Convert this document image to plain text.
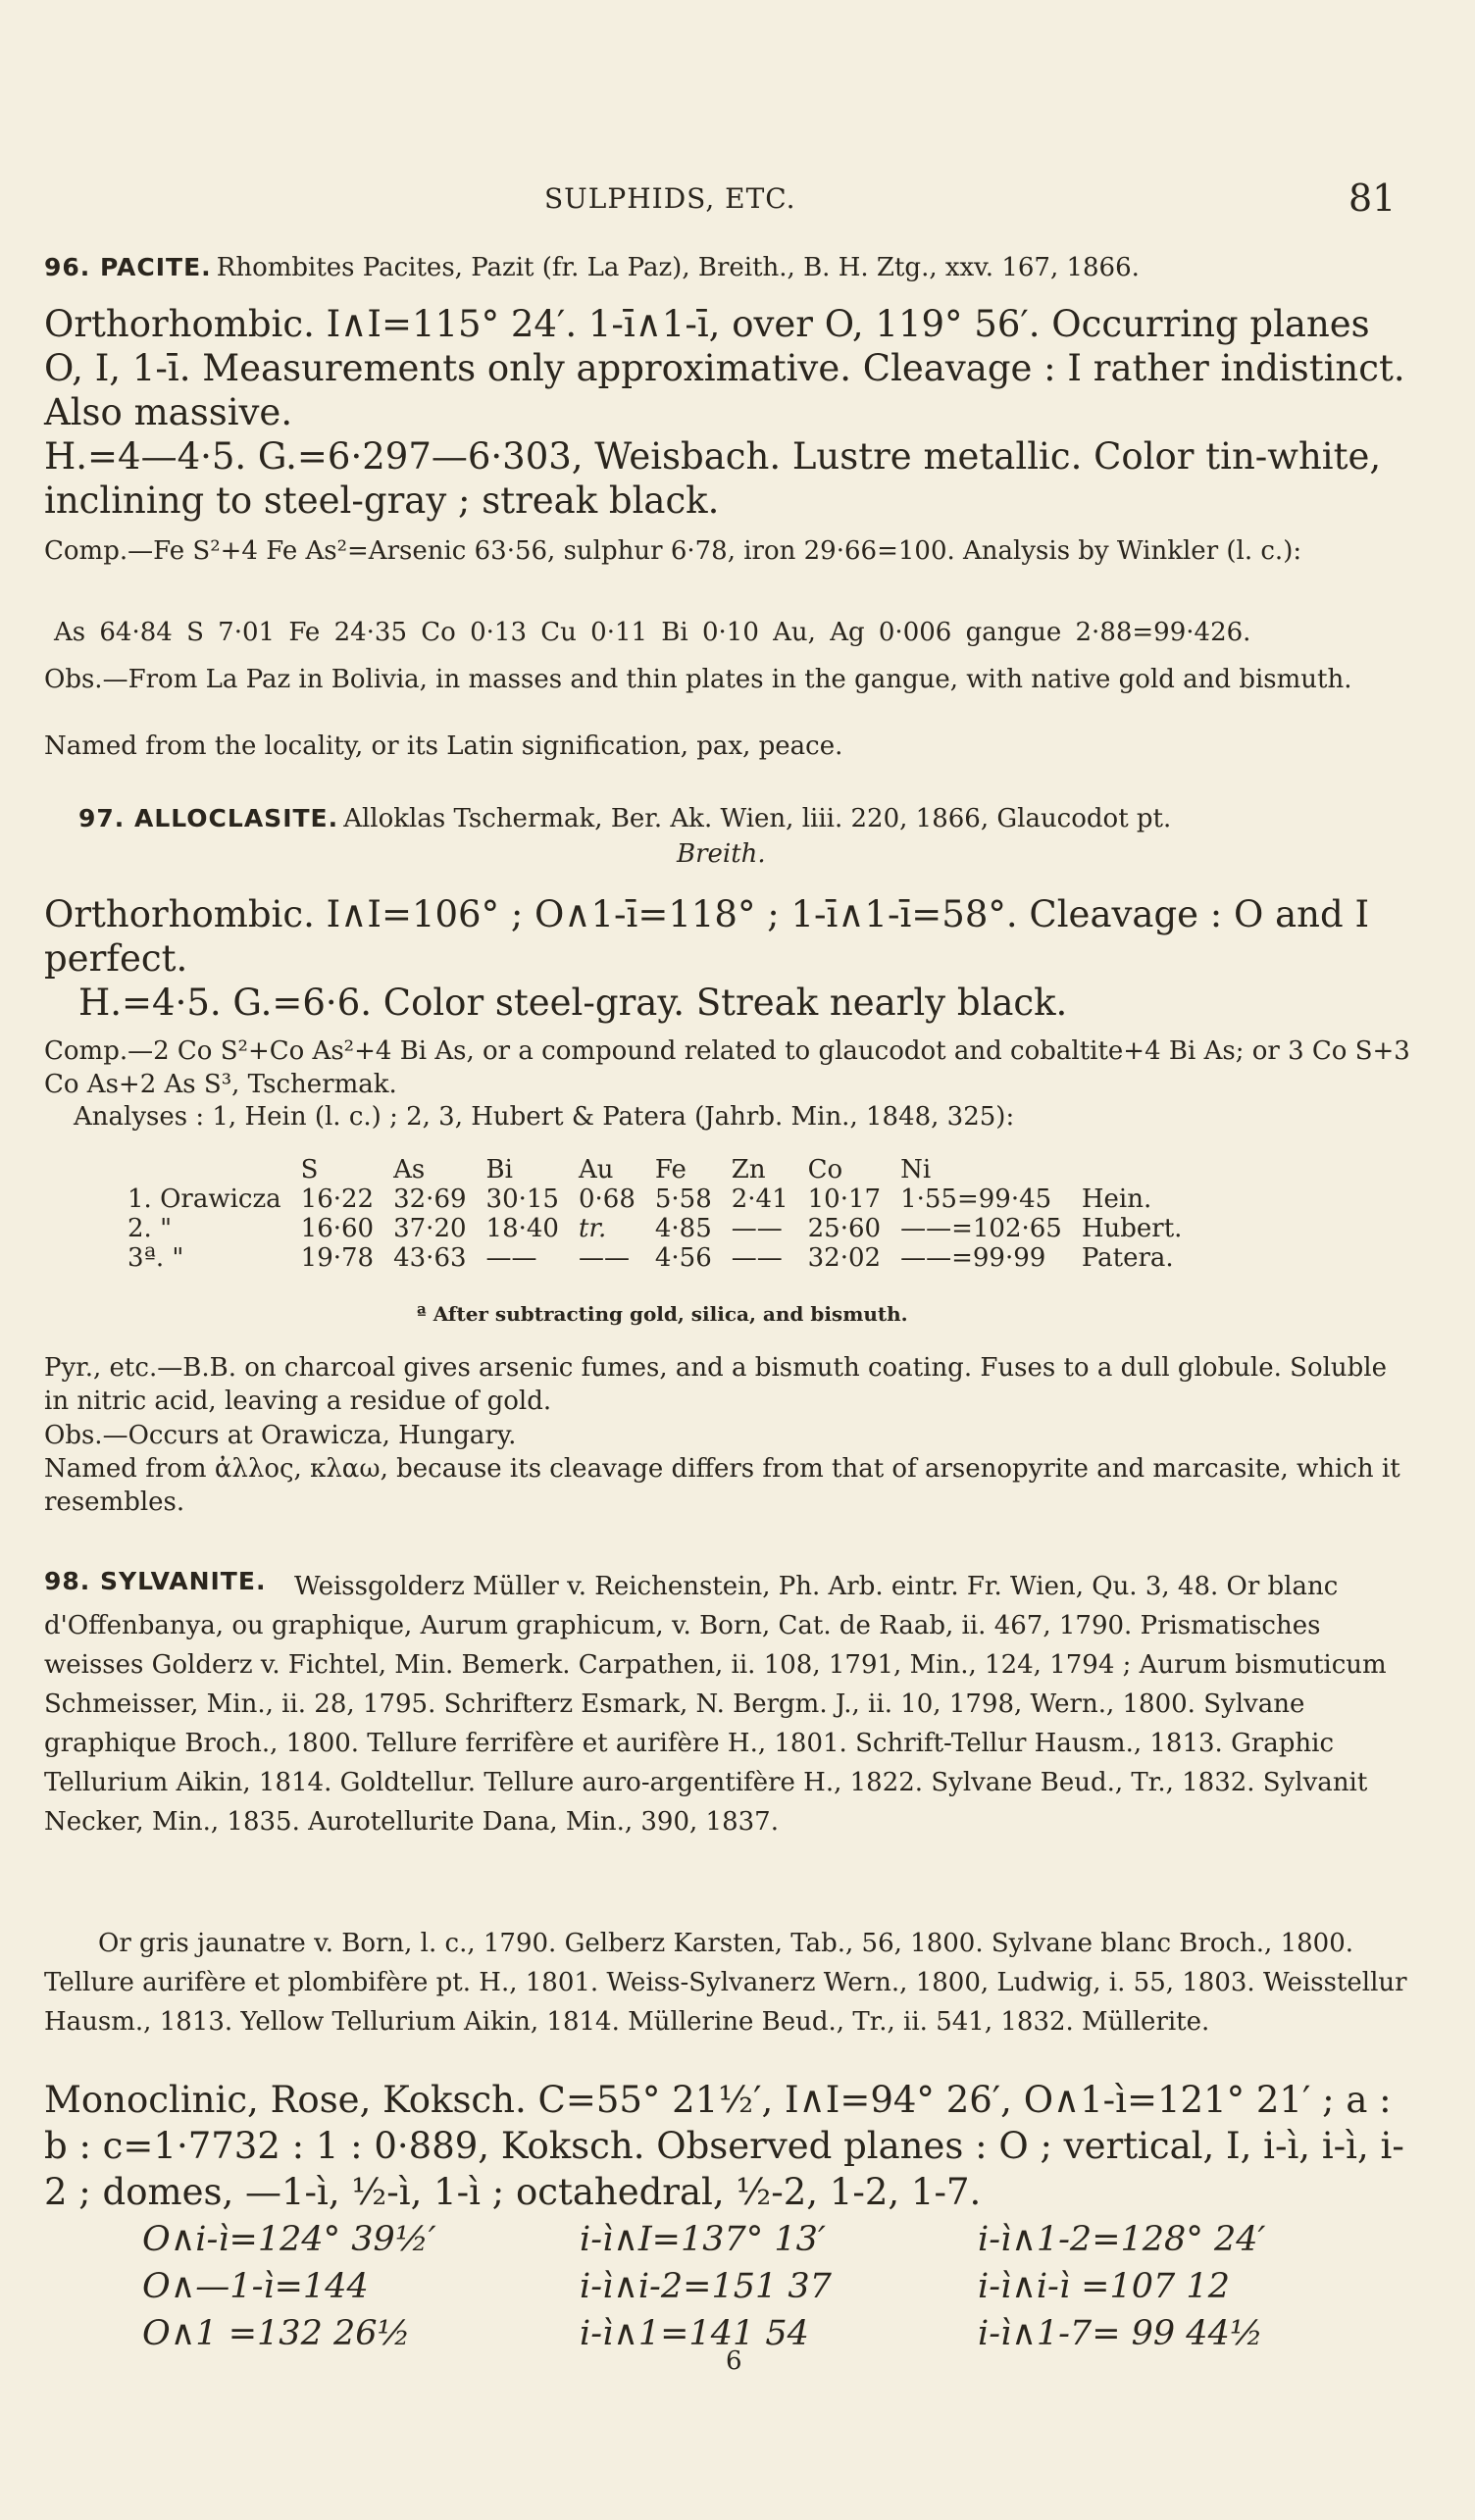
SULPHIDS, ETC.	81
96. PACITE. Rhombites Pacites, Pazit (fr. La Paz), Breith., B. H. Ztg., xxv. 167, 1866.

Orthorhombic. I∧I=115° 24′. 1-ī∧1-ī, over O, 119° 56′. Occurring planes O, I, 1-ī. Measurements only approximative. Cleavage : I rather indistinct. Also massive.

H.=4—4·5. G.=6·297—6·303, Weisbach. Lustre metallic. Color tin-white, inclining to steel-gray ; streak black.

Comp.—Fe S²+4 Fe As²=Arsenic 63·56, sulphur 6·78, iron 29·66=100. Analysis by Winkler (l. c.):
As 64·84 S 7·01 Fe 24·35 Co 0·13 Cu 0·11 Bi 0·10 Au, Ag 0·006 gangue 2·88=99·426.
Obs.—From La Paz in Bolivia, in masses and thin plates in the gangue, with native gold and bismuth.
Named from the locality, or its Latin signification, pax, peace.
97. ALLOCLASITE. Alloklas Tschermak, Ber. Ak. Wien, liii. 220, 1866, Glaucodot pt.
Breith.

Orthorhombic. I∧I=106° ; O∧1-ī=118° ; 1-ī∧1-ī=58°. Cleavage : O and I perfect.

H.=4·5. G.=6·6. Color steel-gray. Streak nearly black.

Comp.—2 Co S²+Co As²+4 Bi As, or a compound related to glaucodot and cobaltite+4 Bi As; or 3 Co S+3 Co As+2 As S³, Tschermak.
Analyses : 1, Hein (l. c.) ; 2, 3, Hubert & Patera (Jahrb. Min., 1848, 325):
	S	As	Bi	Au	Fe	Zn	Co	Ni	
1. Orawicza	16·22	32·69	30·15	0·68	5·58	2·41	10·17	1·55=99·45	Hein.
2. "	16·60	37·20	18·40	tr.	4·85	——	25·60	——=102·65	Hubert.
3ª. "	19·78	43·63	——	——	4·56	——	32·02	——=99·99	Patera.
ª After subtracting gold, silica, and bismuth.
Pyr., etc.—B.B. on charcoal gives arsenic fumes, and a bismuth coating. Fuses to a dull globule. Soluble in nitric acid, leaving a residue of gold.
Obs.—Occurs at Orawicza, Hungary.
Named from ἀλλος, κλαω, because its cleavage differs from that of arsenopyrite and marcasite, which it resembles.
98. SYLVANITE.	Weissgolderz Müller v. Reichenstein, Ph. Arb. eintr. Fr. Wien, Qu. 3, 48. Or blanc d'Offenbanya, ou graphique, Aurum graphicum, v. Born, Cat. de Raab, ii. 467, 1790. Prismatisches weisses Golderz v. Fichtel, Min. Bemerk. Carpathen, ii. 108, 1791, Min., 124, 1794 ; Aurum bismuticum Schmeisser, Min., ii. 28, 1795. Schrifterz Esmark, N. Bergm. J., ii. 10, 1798, Wern., 1800. Sylvane graphique Broch., 1800. Tellure ferrifère et aurifère H., 1801. Schrift-Tellur Hausm., 1813. Graphic Tellurium Aikin, 1814. Goldtellur. Tellure auro-argentifère H., 1822. Sylvane Beud., Tr., 1832. Sylvanit Necker, Min., 1835. Aurotellurite Dana, Min., 390, 1837.
Or gris jaunatre v. Born, l. c., 1790. Gelberz Karsten, Tab., 56, 1800. Sylvane blanc Broch., 1800. Tellure aurifère et plombifère pt. H., 1801. Weiss-Sylvanerz Wern., 1800, Ludwig, i. 55, 1803. Weisstellur Hausm., 1813. Yellow Tellurium Aikin, 1814. Müllerine Beud., Tr., ii. 541, 1832. Müllerite.
Monoclinic, Rose, Koksch. C=55° 21½′, I∧I=94° 26′, O∧1-ì=121° 21′ ; a : b : c=1·7732 : 1 : 0·889, Koksch. Observed planes : O ; vertical, I, i-ì, i-ì, i-2 ; domes, —1-ì, ½-ì, 1-ì ; octahedral, ½-2, 1-2, 1-7.
O∧i-ì=124° 39½′	i-ì∧I=137° 13′	i-ì∧1-2=128° 24′
O∧—1-ì=144	i-ì∧i-2=151 37	i-ì∧i-ì =107 12
O∧1 =132 26½	i-ì∧1=141 54	i-ì∧1-7= 99 44½
6
